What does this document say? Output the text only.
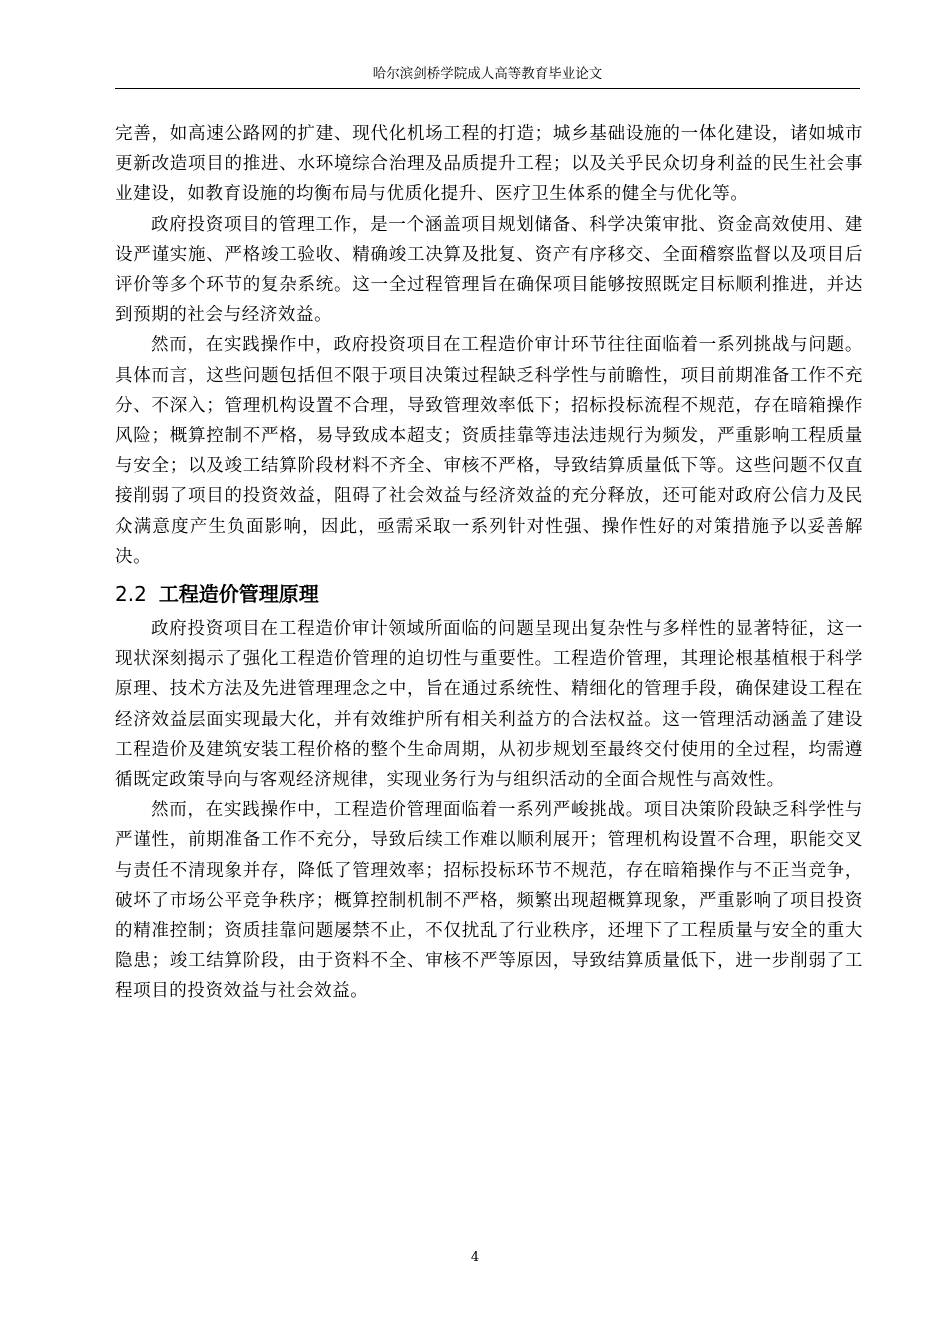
哈尔滨剑桥学院成人高等教育毕业论文

完善，如高速公路网的扩建、现代化机场工程的打造；城乡基础设施的一体化建设，诸如城市更新改造项目的推进、水环境综合治理及品质提升工程；以及关乎民众切身利益的民生社会事业建设，如教育设施的均衡布局与优质化提升、医疗卫生体系的健全与优化等。

政府投资项目的管理工作，是一个涵盖项目规划储备、科学决策审批、资金高效使用、建设严谨实施、严格竣工验收、精确竣工决算及批复、资产有序移交、全面稽察监督以及项目后评价等多个环节的复杂系统。这一全过程管理旨在确保项目能够按照既定目标顺利推进，并达到预期的社会与经济效益。

然而，在实践操作中，政府投资项目在工程造价审计环节往往面临着一系列挑战与问题。具体而言，这些问题包括但不限于项目决策过程缺乏科学性与前瞻性，项目前期准备工作不充分、不深入；管理机构设置不合理，导致管理效率低下；招标投标流程不规范，存在暗箱操作风险；概算控制不严格，易导致成本超支；资质挂靠等违法违规行为频发，严重影响工程质量与安全；以及竣工结算阶段材料不齐全、审核不严格，导致结算质量低下等。这些问题不仅直接削弱了项目的投资效益，阻碍了社会效益与经济效益的充分释放，还可能对政府公信力及民众满意度产生负面影响，因此，亟需采取一系列针对性强、操作性好的对策措施予以妥善解决。

2.2 工程造价管理原理

政府投资项目在工程造价审计领域所面临的问题呈现出复杂性与多样性的显著特征，这一现状深刻揭示了强化工程造价管理的迫切性与重要性。工程造价管理，其理论根基植根于科学原理、技术方法及先进管理理念之中，旨在通过系统性、精细化的管理手段，确保建设工程在经济效益层面实现最大化，并有效维护所有相关利益方的合法权益。这一管理活动涵盖了建设工程造价及建筑安装工程价格的整个生命周期，从初步规划至最终交付使用的全过程，均需遵循既定政策导向与客观经济规律，实现业务行为与组织活动的全面合规性与高效性。

然而，在实践操作中，工程造价管理面临着一系列严峻挑战。项目决策阶段缺乏科学性与严谨性，前期准备工作不充分，导致后续工作难以顺利展开；管理机构设置不合理，职能交叉与责任不清现象并存，降低了管理效率；招标投标环节不规范，存在暗箱操作与不正当竞争，破坏了市场公平竞争秩序；概算控制机制不严格，频繁出现超概算现象，严重影响了项目投资的精准控制；资质挂靠问题屡禁不止，不仅扰乱了行业秩序，还埋下了工程质量与安全的重大隐患；竣工结算阶段，由于资料不全、审核不严等原因，导致结算质量低下，进一步削弱了工程项目的投资效益与社会效益。

4
